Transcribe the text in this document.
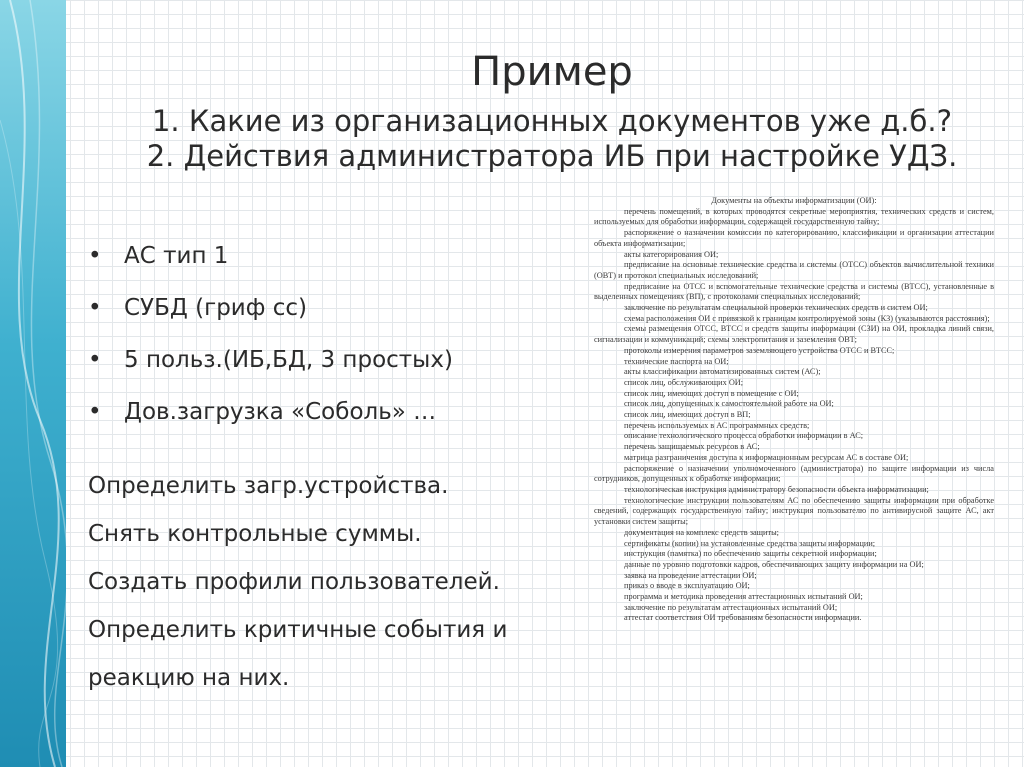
Пример
1. Какие из организационных документов уже д.б.?
2. Действия администратора ИБ при настройке УДЗ.
• АС тип 1
• СУБД (гриф сс)
• 5 польз.(ИБ,БД, 3 простых)
• Дов.загрузка «Соболь» …
Определить загр.устройства.
Снять контрольные суммы.
Создать профили пользователей.
Определить критичные события и
реакцию на них.
Документы на объекты информатизации (ОИ):
перечень помещений, в которых проводятся секретные мероприятия, технических средств и систем, используемых для обработки информации, содержащей государственную тайну;
распоряжение о назначении комиссии по категорированию, классификации и организации аттестации объекта информатизации;
акты категорирования ОИ;
предписание на основные технические средства и системы (ОТСС) объектов вычислительной техники (ОВТ) и протокол специальных исследований;
предписание на ОТСС и вспомогательные технические средства и системы (ВТСС), установленные в выделенных помещениях (ВП), с протоколами специальных исследований;
заключение по результатам специальной проверки технических средств и систем ОИ;
схема расположения ОИ с привязкой к границам контролируемой зоны (КЗ) (указываются расстояния);
схемы размещения ОТСС, ВТСС и средств защиты информации (СЗИ) на ОИ, прокладка линий связи, сигнализации и коммуникаций; схемы электропитания и заземления ОВТ;
протоколы измерения параметров заземляющего устройства ОТСС и ВТСС;
технические паспорта на ОИ;
акты классификации автоматизированных систем (АС);
список лиц, обслуживающих ОИ;
список лиц, имеющих доступ в помещение с ОИ;
список лиц, допущенных к самостоятельной работе на ОИ;
список лиц, имеющих доступ в ВП;
перечень используемых в АС программных средств;
описание технологического процесса обработки информации в АС;
перечень защищаемых ресурсов в АС;
матрица разграничения доступа к информационным ресурсам АС в составе ОИ;
распоряжение о назначении уполномоченного (администратора) по защите информации из числа сотрудников, допущенных к обработке информации;
технологическая инструкция администратору безопасности объекта информатизации;
технологические инструкции пользователям АС по обеспечению защиты информации при обработке сведений, содержащих государственную тайну; инструкция пользователю по антивирусной защите АС, акт установки систем защиты;
документация на комплекс средств защиты;
сертификаты (копии) на установленные средства защиты информации;
инструкция (памятка) по обеспечению защиты секретной информации;
данные по уровню подготовки кадров, обеспечивающих защиту информации на ОИ;
заявка на проведение аттестации ОИ;
приказ о вводе в эксплуатацию ОИ;
программа и методика проведения аттестационных испытаний ОИ;
заключение по результатам аттестационных испытаний ОИ;
аттестат соответствия ОИ требованиям безопасности информации.
